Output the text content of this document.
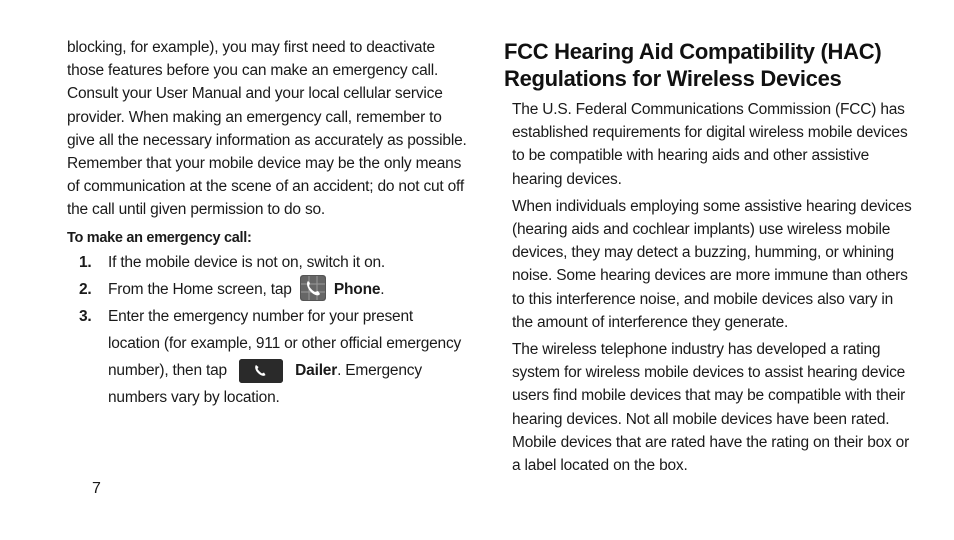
blocking, for example), you may first need to deactivate those features before you can make an emergency call. Consult your User Manual and your local cellular service provider. When making an emergency call, remember to give all the necessary information as accurately as possible. Remember that your mobile device may be the only means of communication at the scene of an accident; do not cut off the call until given permission to do so.

To make an emergency call:
1. If the mobile device is not on, switch it on.
2. From the Home screen, tap	Phone.
3. Enter the emergency number for your present location (for example, 911 or other official emergency number), then tap	Dailer. Emergency numbers vary by location.
FCC Hearing Aid Compatibility (HAC) Regulations for Wireless Devices

The U.S. Federal Communications Commission (FCC) has established requirements for digital wireless mobile devices to be compatible with hearing aids and other assistive hearing devices.

When individuals employing some assistive hearing devices (hearing aids and cochlear implants) use wireless mobile devices, they may detect a buzzing, humming, or whining noise. Some hearing devices are more immune than others to this interference noise, and mobile devices also vary in the amount of interference they generate.

The wireless telephone industry has developed a rating system for wireless mobile devices to assist hearing device users find mobile devices that may be compatible with their hearing devices. Not all mobile devices have been rated. Mobile devices that are rated have the rating on their box or a label located on the box.

7
